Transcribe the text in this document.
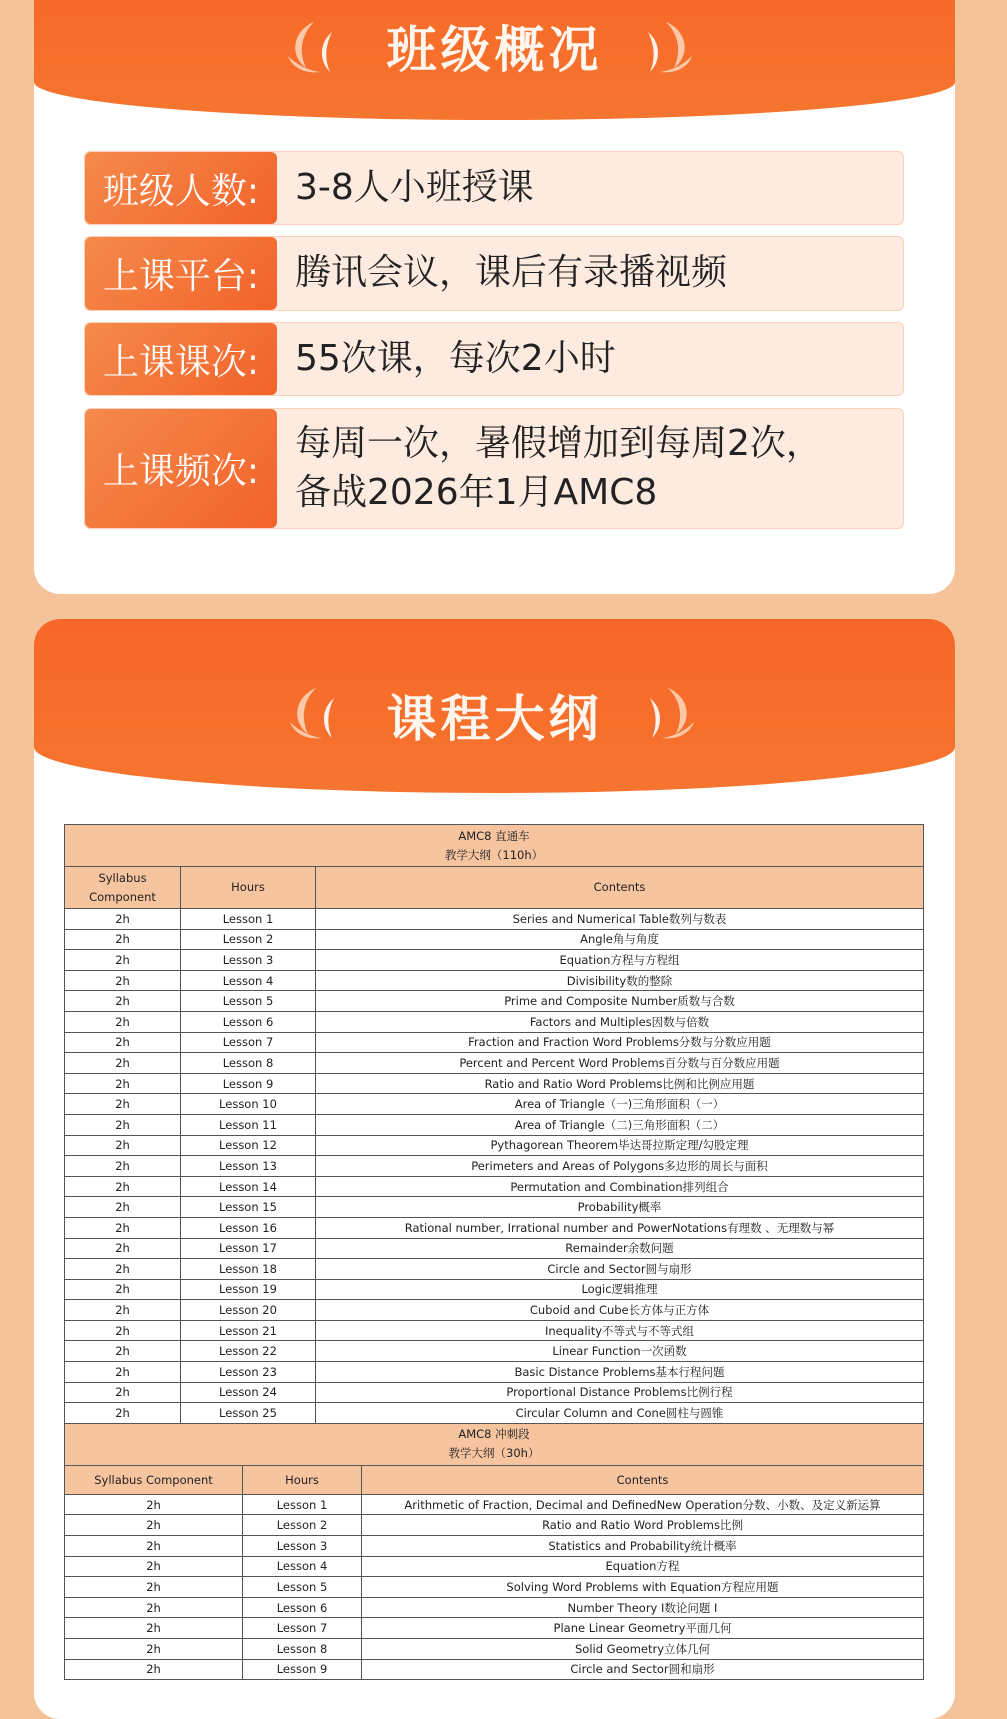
班级概况
班级人数: 3-8人小班授课
上课平台: 腾讯会议，课后有录播视频
上课课次: 55次课，每次2小时
上课频次:
每周一次，暑假增加到每周2次，
备战2026年1月AMC8
课程大纲
AMC8 直通车
教学大纲（110h）		

Syllabus
Component	Hours	Contents
2h	Lesson 1	Series and Numerical Table数列与数表
2h	Lesson 2	Angle角与角度
2h	Lesson 3	Equation方程与方程组
2h	Lesson 4	Divisibility数的整除
2h	Lesson 5	Prime and Composite Number质数与合数
2h	Lesson 6	Factors and Multiples因数与倍数
2h	Lesson 7	Fraction and Fraction Word Problems分数与分数应用题
2h	Lesson 8	Percent and Percent Word Problems百分数与百分数应用题
2h	Lesson 9	Ratio and Ratio Word Problems比例和比例应用题
2h	Lesson 10	Area of Triangle（一)三角形面积（一）
2h	Lesson 11	Area of Triangle（二)三角形面积（二）
2h	Lesson 12	Pythagorean Theorem毕达哥拉斯定理/勾股定理
2h	Lesson 13	Perimeters and Areas of Polygons多边形的周长与面积
2h	Lesson 14	Permutation and Combination排列组合
2h	Lesson 15	Probability概率
2h	Lesson 16	Rational number, Irrational number and PowerNotations有理数 、无理数与幂
2h	Lesson 17	Remainder余数问题
2h	Lesson 18	Circle and Sector圆与扇形
2h	Lesson 19	Logic逻辑推理
2h	Lesson 20	Cuboid and Cube长方体与正方体
2h	Lesson 21	Inequality不等式与不等式组
2h	Lesson 22	Linear Function一次函数
2h	Lesson 23	Basic Distance Problems基本行程问题
2h	Lesson 24	Proportional Distance Problems比例行程
2h	Lesson 25	Circular Column and Cone圆柱与圆锥
AMC8 冲刺段
教学大纲（30h）		

Syllabus Component	Hours	Contents
2h	Lesson 1	Arithmetic of Fraction, Decimal and DefinedNew Operation分数、小数、及定义新运算
2h	Lesson 2	Ratio and Ratio Word Problems比例
2h	Lesson 3	Statistics and Probability统计概率
2h	Lesson 4	Equation方程
2h	Lesson 5	Solving Word Problems with Equation方程应用题
2h	Lesson 6	Number Theory I数论问题 I
2h	Lesson 7	Plane Linear Geometry平面几何
2h	Lesson 8	Solid Geometry立体几何
2h	Lesson 9	Circle and Sector圆和扇形
